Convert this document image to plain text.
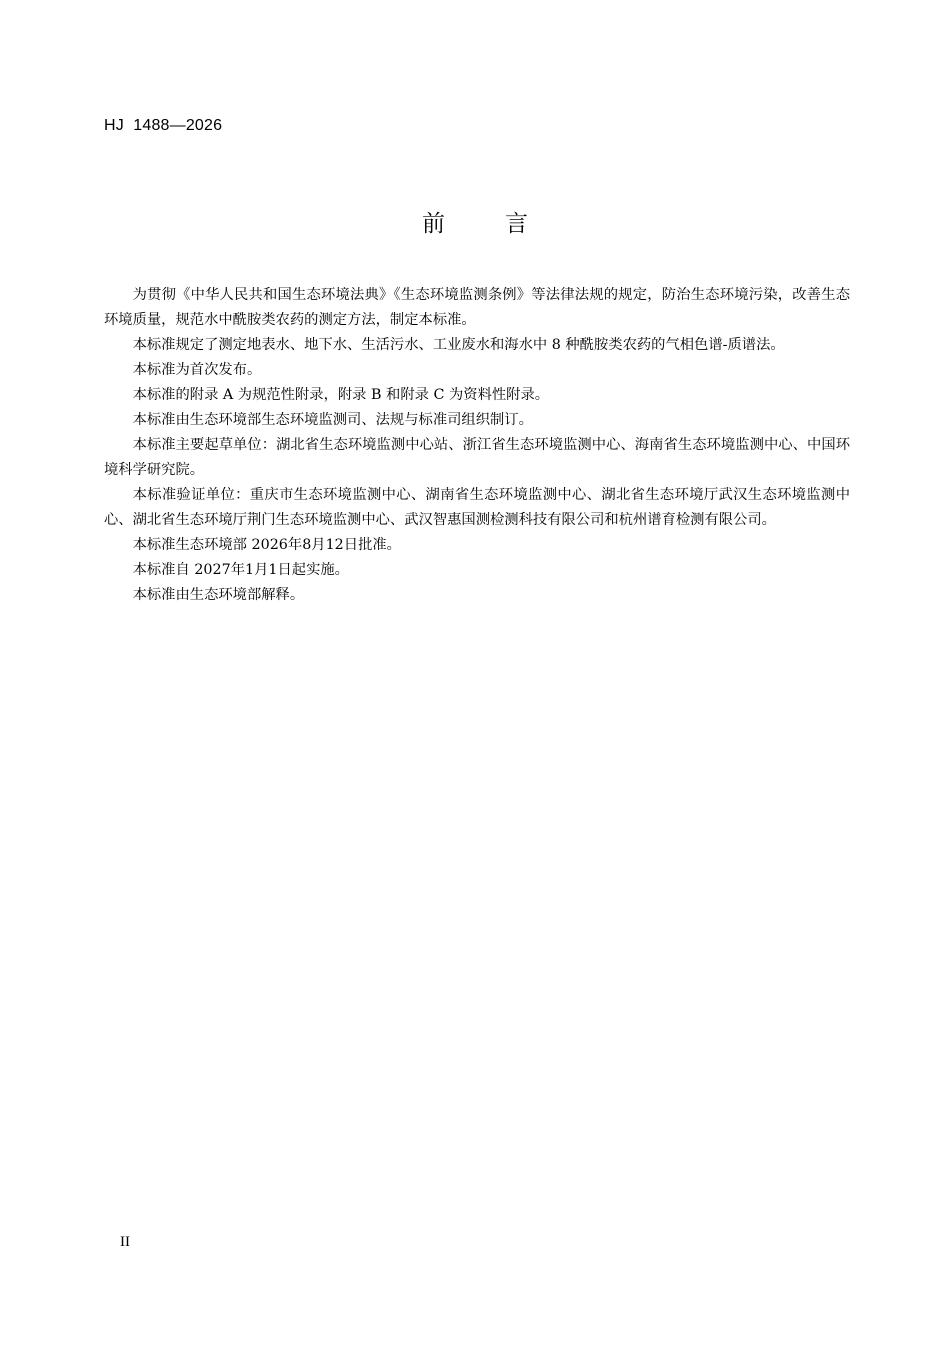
HJ  1488—2026
前	言

为贯彻《中华人民共和国生态环境法典》《生态环境监测条例》等法律法规的规定，防治生态环境污染，改善生态环境质量，规范水中酰胺类农药的测定方法，制定本标准。

本标准规定了测定地表水、地下水、生活污水、工业废水和海水中 8 种酰胺类农药的气相色谱-质谱法。

本标准为首次发布。

本标准的附录 A 为规范性附录，附录 B 和附录 C 为资料性附录。

本标准由生态环境部生态环境监测司、法规与标准司组织制订。

本标准主要起草单位：湖北省生态环境监测中心站、浙江省生态环境监测中心、海南省生态环境监测中心、中国环境科学研究院。

本标准验证单位：重庆市生态环境监测中心、湖南省生态环境监测中心、湖北省生态环境厅武汉生态环境监测中心、湖北省生态环境厅荆门生态环境监测中心、武汉智惠国测检测科技有限公司和杭州谱育检测有限公司。

本标准生态环境部 2026年8月12日批准。

本标准自 2027年1月1日起实施。

本标准由生态环境部解释。

II
